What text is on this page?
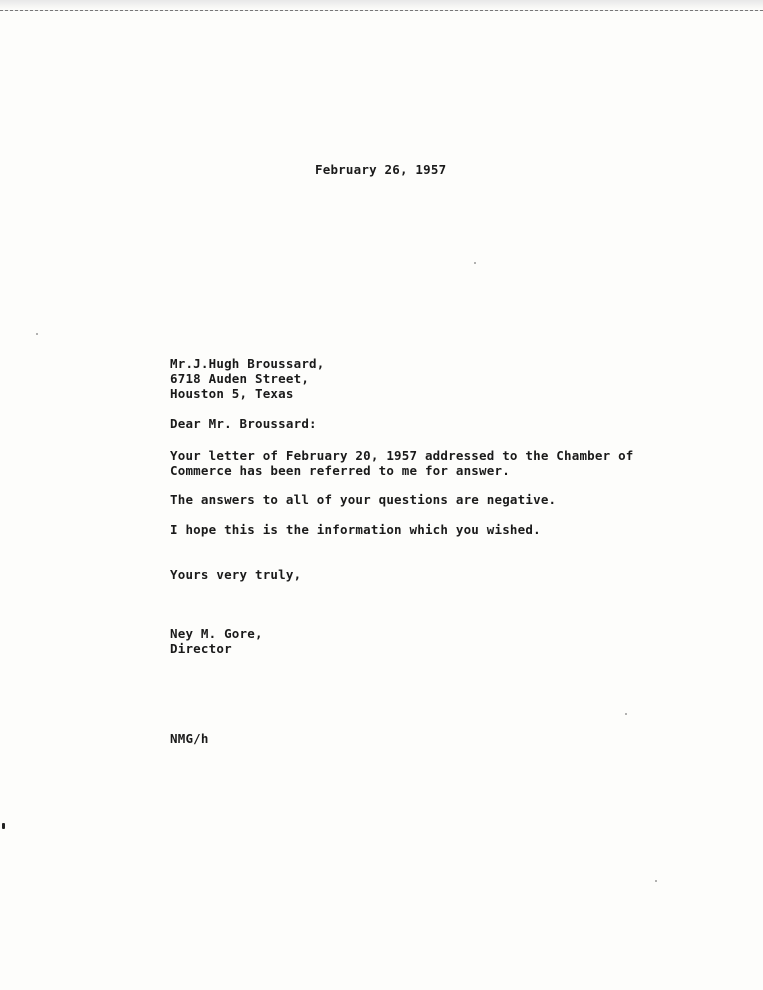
February 26, 1957
Mr.J.Hugh Broussard,
6718 Auden Street,
Houston 5, Texas
Dear Mr. Broussard:
Your letter of February 20, 1957 addressed to the Chamber of
Commerce has been referred to me for answer.
The answers to all of your questions are negative.
I hope this is the information which you wished.
Yours very truly,
Ney M. Gore,
Director
NMG/h
